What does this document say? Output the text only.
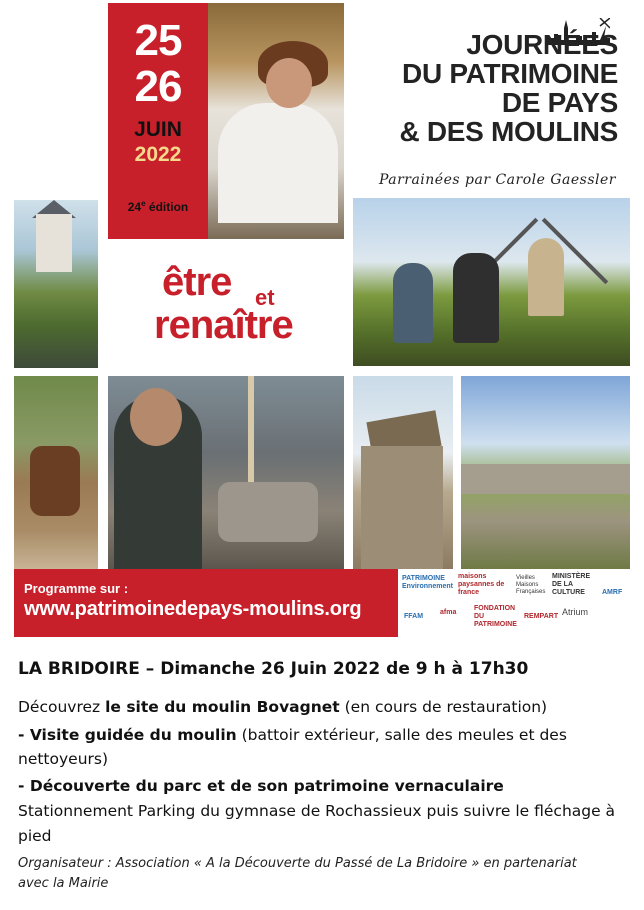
25
26
JUIN
2022
24e édition
JOURNÉES
DU PATRIMOINE
DE PAYS
& DES MOULINS
Parrainées par Carole Gaessler
être et
renaître
Programme sur :
www.patrimoinedepays-moulins.org
PATRIMOINE Environnement
maisons paysannes de france
Vieilles Maisons Françaises
MINISTÈRE DE LA CULTURE	AMRF
FFAM
afma
FONDATION DU PATRIMOINE
REMPART Atrium
LA BRIDOIRE – Dimanche 26 Juin 2022 de 9 h à 17h30
Découvrez le site du moulin Bovagnet (en cours de restauration)
- Visite guidée du moulin (battoir extérieur, salle des meules et des
nettoyeurs)
- Découverte du parc et de son patrimoine vernaculaire
Stationnement Parking du gymnase de Rochassieux puis suivre le fléchage à
pied
Organisateur : Association « A la Découverte du Passé de La Bridoire » en partenariat
avec la Mairie
